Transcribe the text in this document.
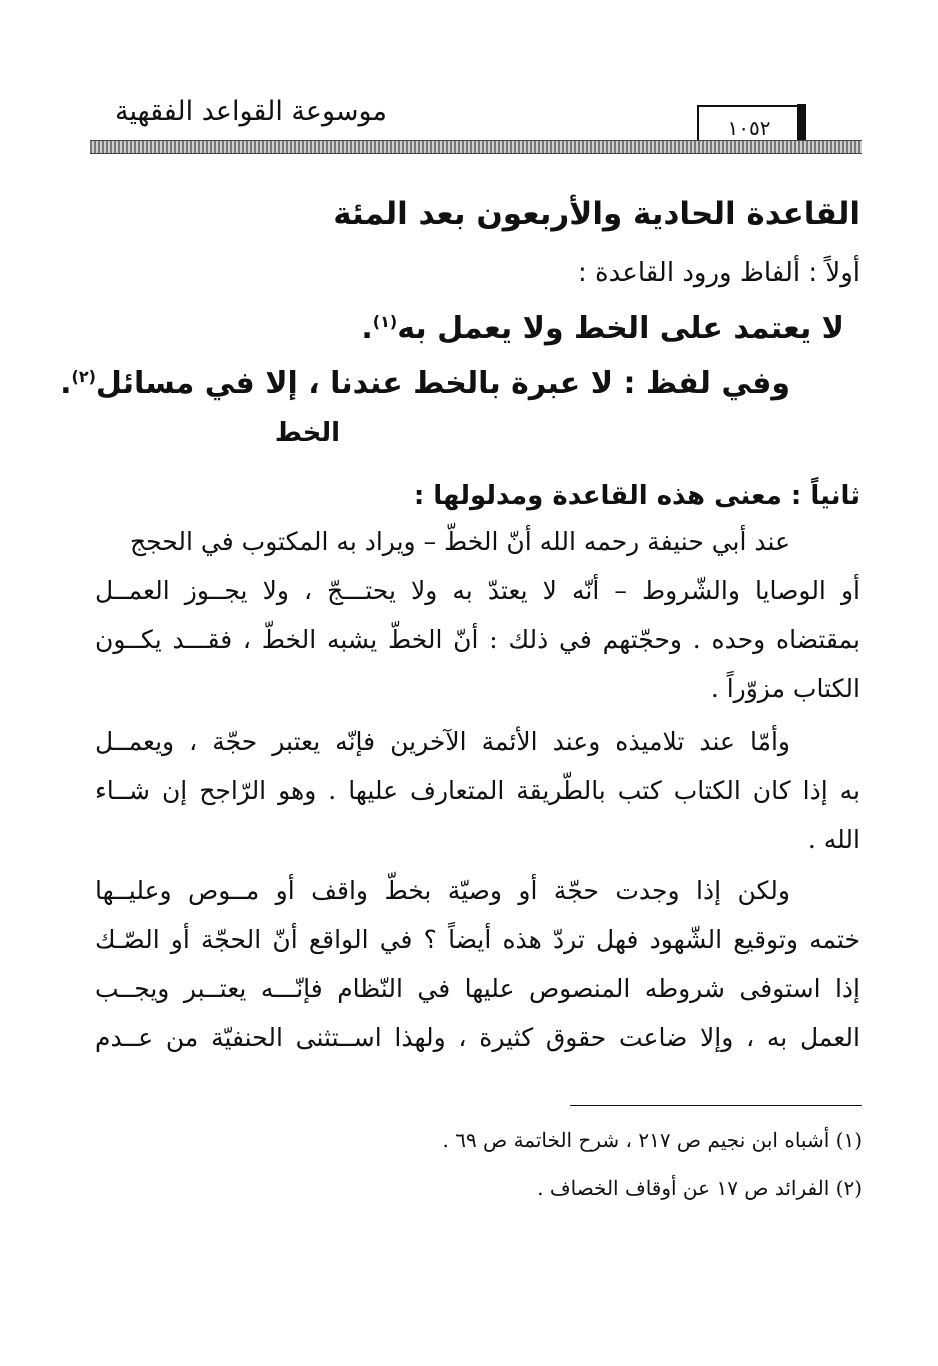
موسوعة القواعد الفقهية
١٠٥٢
القاعدة الحادية والأربعون بعد المئة
أولاً : ألفاظ ورود القاعدة :
لا يعتمد على الخط ولا يعمل به$^{(١)}$.
وفي لفظ : لا عبرة بالخط عندنا ، إلا في مسائل$^{(٢)}$.
الخط
ثانياً : معنى هذه القاعدة ومدلولها :
عند أبي حنيفة رحمه الله أنّ الخطّ – ويراد به المكتوب في الحجج
أو الوصايا والشّروط – أنّه لا يعتدّ به ولا يحتـــجّ ، ولا يجــوز العمــل
بمقتضاه وحده . وحجّتهم في ذلك : أنّ الخطّ يشبه الخطّ ، فقـــد يكــون
الكتاب مزوّراً .
وأمّا عند تلاميذه وعند الأئمة الآخرين فإنّه يعتبر حجّة ، ويعمــل
به إذا كان الكتاب كتب بالطّريقة المتعارف عليها . وهو الرّاجح إن شــاء
الله .
ولكن إذا وجدت حجّة أو وصيّة بخطّ واقف أو مــوص وعليــها
ختمه وتوقيع الشّهود فهل تردّ هذه أيضاً ؟ في الواقع أنّ الحجّة أو الصّـك
إذا استوفى شروطه المنصوص عليها في النّظام فإنّـــه يعتــبر ويجــب
العمل به ، وإلا ضاعت حقوق كثيرة ، ولهذا اســتثنى الحنفيّة من عــدم
(١) أشباه ابن نجيم ص ٢١٧ ، شرح الخاتمة ص ٦٩ .
(٢) الفرائد ص ١٧ عن أوقاف الخصاف .
